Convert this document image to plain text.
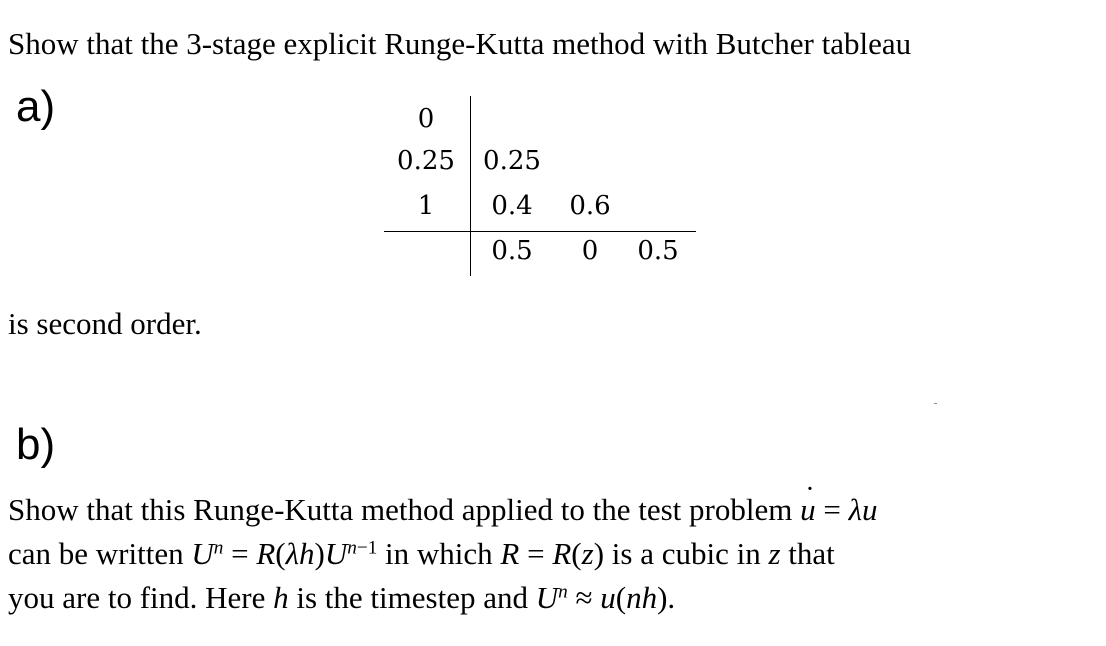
Show that the 3-stage explicit Runge-Kutta method with Butcher tableau
a)	0
0.25
1
0.25
0.4 0.6
0.5 0 0.5
is second order.
b)
Show that this Runge-Kutta method applied to the test problem ˙ u = λu
can be written $U^n = R(\lambda h)U^{n-1}$ in which R = R(z) is a cubic in z that
you are to find. Here h is the timestep and $U^n \approx u(nh)$.
